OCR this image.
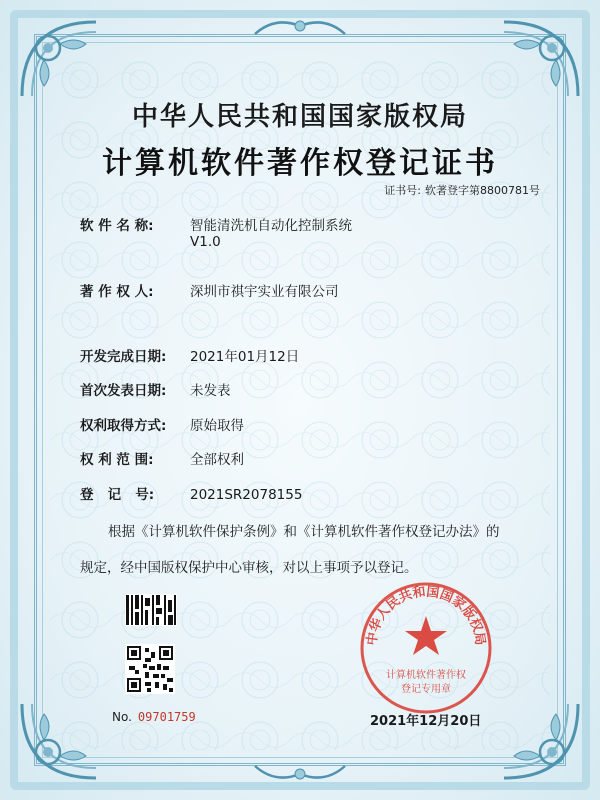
中华人民共和国国家版权局
计算机软件著作权登记证书
证书号: 软著登字第8800781号
软 件 名 称:	智能清洗机自动化控制系统
V1.0
著 作 权 人:	深圳市祺宇实业有限公司
开发完成日期: 2021年01月12日
首次发表日期: 未发表
权利取得方式: 原始取得
权 利 范 围:	全部权利
登   记   号:	2021SR2078155
根据《计算机软件保护条例》和《计算机软件著作权登记办法》的
规定，经中国版权保护中心审核，对以上事项予以登记。
No. 09701759
中华人民共和国国家版权局
计算机软件著作权
登记专用章
2021年12月20日
